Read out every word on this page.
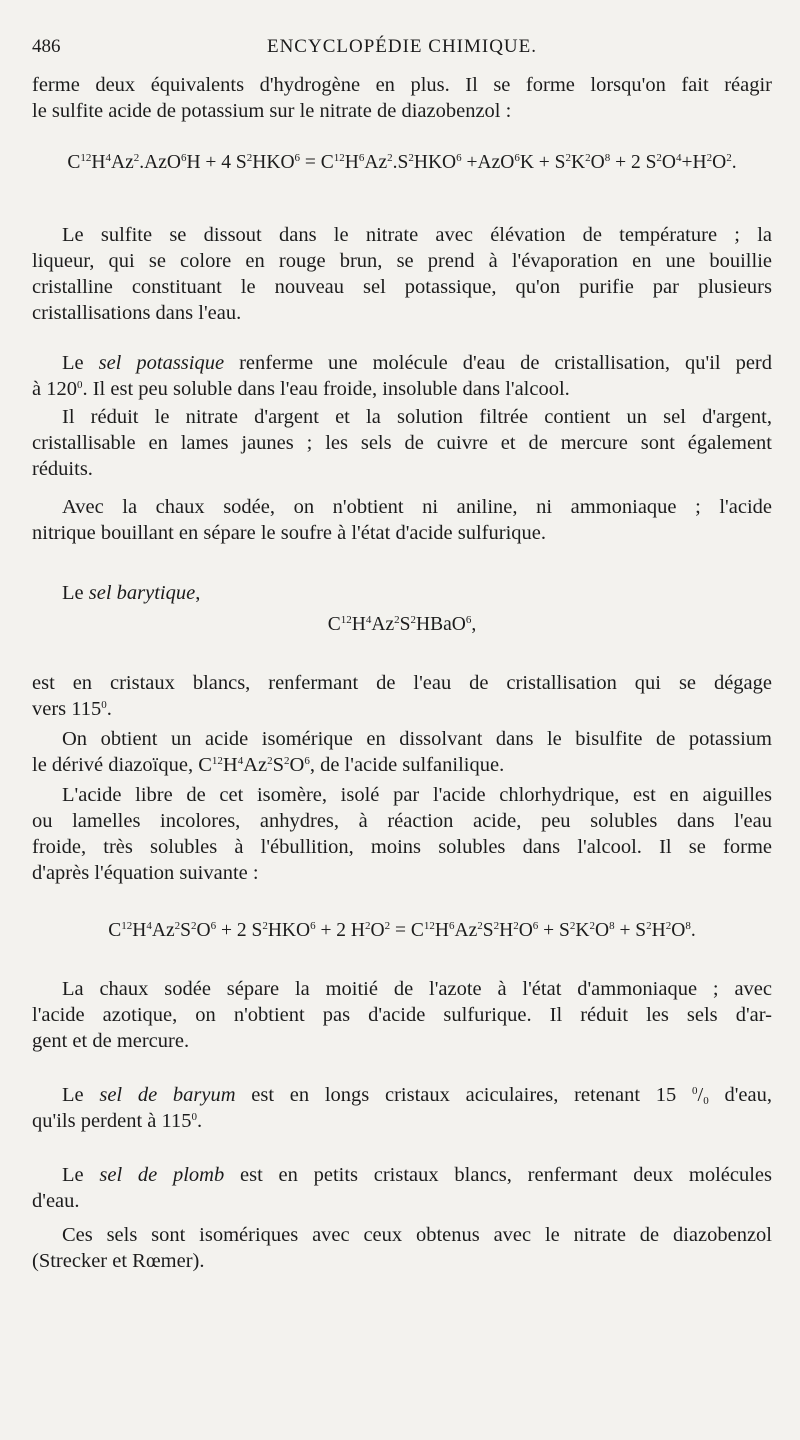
486	ENCYCLOPÉDIE CHIMIQUE.
ferme deux équivalents d'hydrogène en plus. Il se forme lorsqu'on fait réagir
le sulfite acide de potassium sur le nitrate de diazobenzol :
$C^{12}H^4Az^2.AzO^6H + 4$ $S^2HKO^6 = C^{12}H^6Az^2.S^2HKO^6 +AzO^6K + S^2K^2O^8 + 2$ $S^2O^4+H^2O^2$.
Le sulfite se dissout dans le nitrate avec élévation de température ; la
liqueur, qui se colore en rouge brun, se prend à l'évaporation en une bouillie
cristalline constituant le nouveau sel potassique, qu'on purifie par plusieurs
cristallisations dans l'eau.
Le sel potassique renferme une molécule d'eau de cristallisation, qu'il perd
à $120^0$. Il est peu soluble dans l'eau froide, insoluble dans l'alcool.
Il réduit le nitrate d'argent et la solution filtrée contient un sel d'argent,
cristallisable en lames jaunes ; les sels de cuivre et de mercure sont également
réduits.
Avec la chaux sodée, on n'obtient ni aniline, ni ammoniaque ; l'acide
nitrique bouillant en sépare le soufre à l'état d'acide sulfurique.
Le sel barytique,
$C^{12}H^4Az^2S^2HBaO^6$,
est en cristaux blancs, renfermant de l'eau de cristallisation qui se dégage
vers $115^0$.
On obtient un acide isomérique en dissolvant dans le bisulfite de potassium
le dérivé diazoïque, $C^{12}H^4Az^2S^2O^6$, de l'acide sulfanilique.
L'acide libre de cet isomère, isolé par l'acide chlorhydrique, est en aiguilles
ou lamelles incolores, anhydres, à réaction acide, peu solubles dans l'eau
froide, très solubles à l'ébullition, moins solubles dans l'alcool. Il se forme
d'après l'équation suivante :
$C^{12}H^4Az^2S^2O^6 + 2$ $S^2HKO^6 + 2$ $H^2O^2 = C^{12}H^6Az^2S^2H^2O^6 + S^2K^2O^8 + S^2H^2O^8$.
La chaux sodée sépare la moitié de l'azote à l'état d'ammoniaque ; avec
l'acide azotique, on n'obtient pas d'acide sulfurique. Il réduit les sels d'ar-
gent et de mercure.
Le sel de baryum est en longs cristaux aciculaires, retenant 15 $^0/_0$ d'eau,
qu'ils perdent à $115^0$.
Le sel de plomb est en petits cristaux blancs, renfermant deux molécules
d'eau.
Ces sels sont isomériques avec ceux obtenus avec le nitrate de diazobenzol
(Strecker et Rœmer).
